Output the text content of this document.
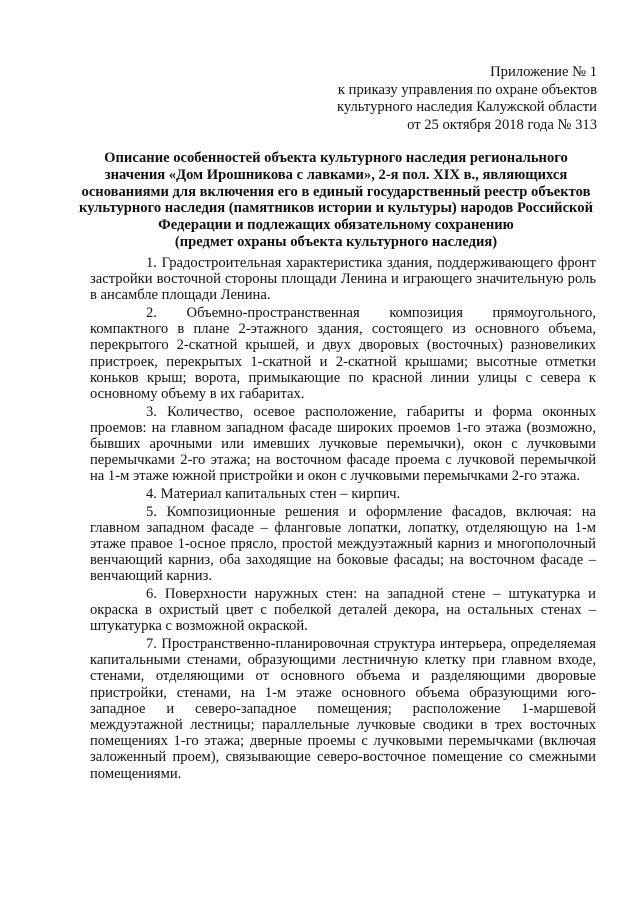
Приложение № 1
к приказу управления по охране объектов
культурного наследия Калужской области
от 25 октября 2018 года № 313
Описание особенностей объекта культурного наследия регионального
значения «Дом Ирошникова с лавками», 2-я пол. XIX в., являющихся
основаниями для включения его в единый государственный реестр объектов
культурного наследия (памятников истории и культуры) народов Российской
Федерации и подлежащих обязательному сохранению
(предмет охраны объекта культурного наследия)

1. Градостроительная характеристика здания, поддерживающего фронт застройки восточной стороны площади Ленина и играющего значительную роль в ансамбле площади Ленина.

2. Объемно-пространственная композиция прямоугольного, компактного в плане 2-этажного здания, состоящего из основного объема, перекрытого 2-скатной крышей, и двух дворовых (восточных) разновеликих пристроек, перекрытых 1-скатной и 2-скатной крышами; высотные отметки коньков крыш; ворота, примыкающие по красной линии улицы с севера к основному объему в их габаритах.

3. Количество, осевое расположение, габариты и форма оконных проемов: на главном западном фасаде широких проемов 1-го этажа (возможно, бывших арочными или имевших лучковые перемычки), окон с лучковыми перемычками 2-го этажа; на восточном фасаде проема с лучковой перемычкой на 1-м этаже южной пристройки и окон с лучковыми перемычками 2-го этажа.

4. Материал капитальных стен – кирпич.

5. Композиционные решения и оформление фасадов, включая: на главном западном фасаде – фланговые лопатки, лопатку, отделяющую на 1-м этаже правое 1-осное прясло, простой междуэтажный карниз и многополочный венчающий карниз, оба заходящие на боковые фасады; на восточном фасаде – венчающий карниз.

6. Поверхности наружных стен: на западной стене – штукатурка и окраска в охристый цвет с побелкой деталей декора, на остальных стенах – штукатурка с возможной окраской.

7. Пространственно-планировочная структура интерьера, определяемая капитальными стенами, образующими лестничную клетку при главном входе, стенами, отделяющими от основного объема и разделяющими дворовые пристройки, стенами, на 1-м этаже основного объема образующими юго-западное и северо-западное помещения; расположение 1-маршевой междуэтажной лестницы; параллельные лучковые сводики в трех восточных помещениях 1-го этажа; дверные проемы с лучковыми перемычками (включая заложенный проем), связывающие северо-восточное помещение со смежными помещениями.
